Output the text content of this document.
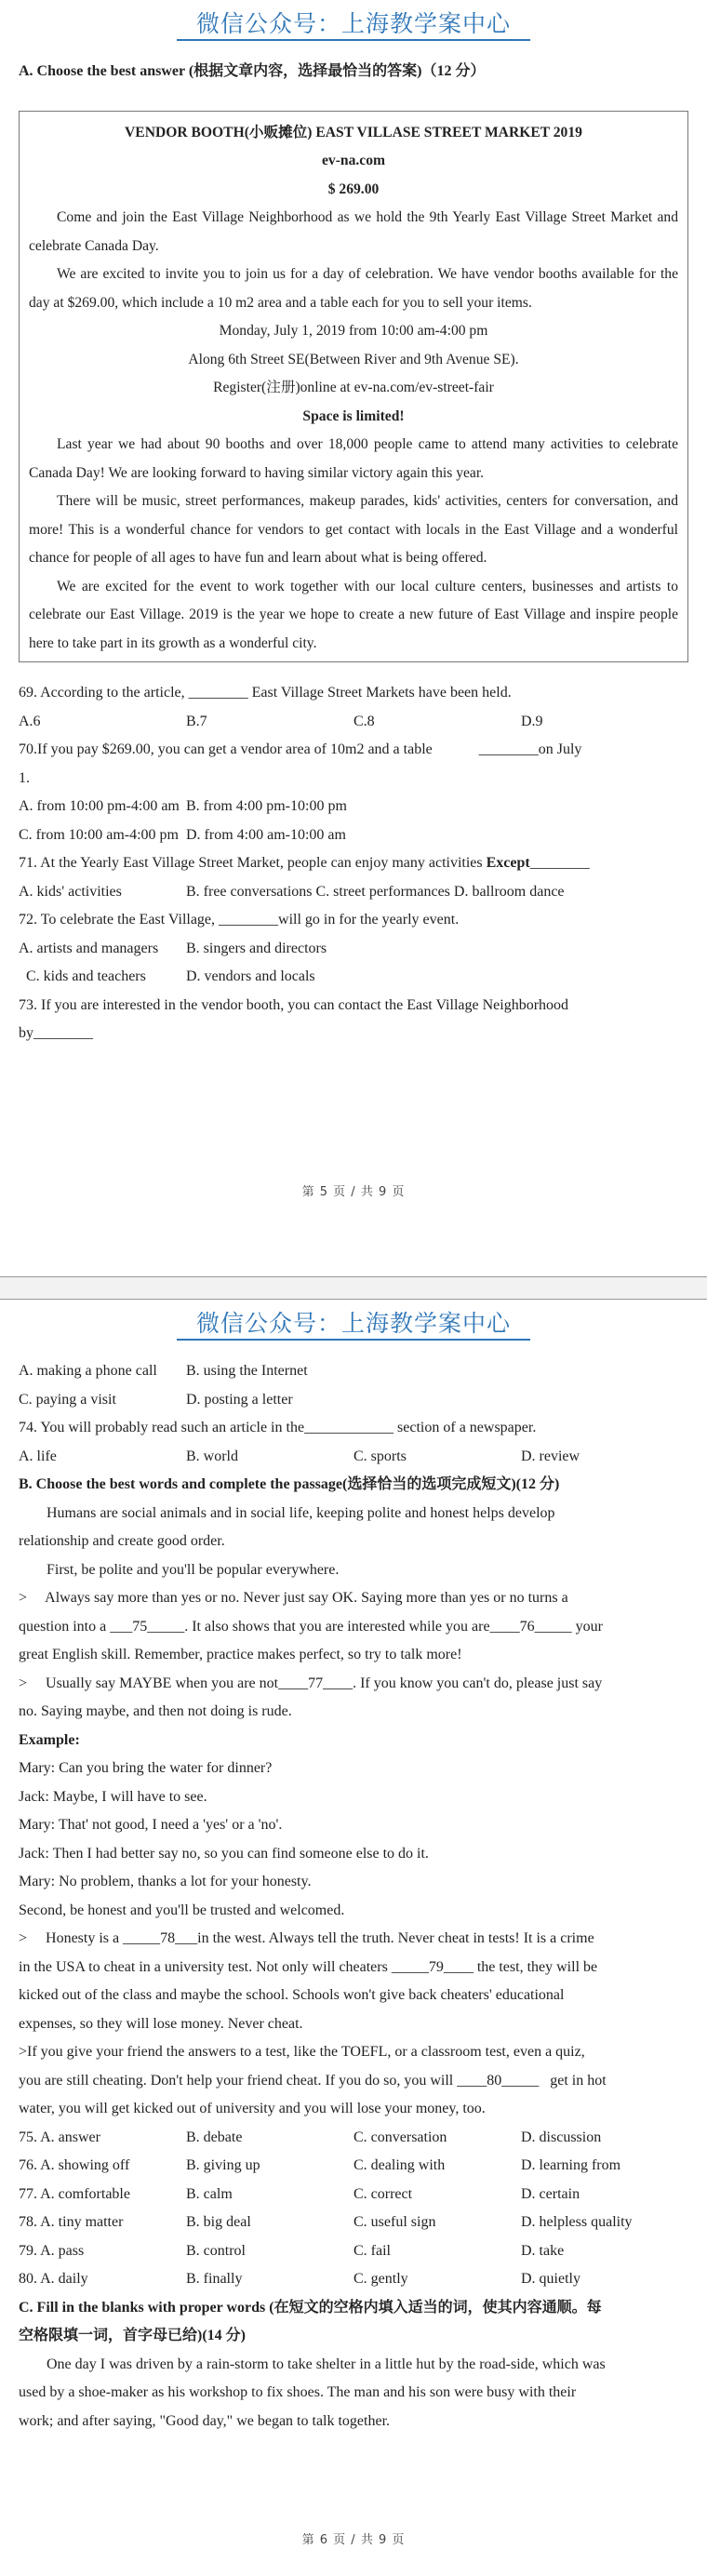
微信公众号：上海教学案中心
A. Choose the best answer (根据文章内容，选择最恰当的答案)（12 分）
VENDOR BOOTH(小贩摊位) EAST VILLASE STREET MARKET 2019
ev-na.com
$ 269.00

Come and join the East Village Neighborhood as we hold the 9th Yearly East Village Street Market and celebrate Canada Day.

We are excited to invite you to join us for a day of celebration. We have vendor booths available for the day at $269.00, which include a 10 m2 area and a table each for you to sell your items.

Monday, July 1, 2019 from 10:00 am-4:00 pm
Along 6th Street SE(Between River and 9th Avenue SE).
Register(注册)online at ev-na.com/ev-street-fair
Space is limited!

Last year we had about 90 booths and over 18,000 people came to attend many activities to celebrate Canada Day! We are looking forward to having similar victory again this year.

There will be music, street performances, makeup parades, kids' activities, centers for conversation, and more! This is a wonderful chance for vendors to get contact with locals in the East Village and a wonderful chance for people of all ages to have fun and learn about what is being offered.

We are excited for the event to work together with our local culture centers, businesses and artists to celebrate our East Village. 2019 is the year we hope to create a new future of East Village and inspire people here to take part in its growth as a wonderful city.

69. According to the article, ________ East Village Street Markets have been held.
A.6	B.7	C.8	D.9
70.If you pay $269.00, you can get a vendor area of 10m2 and a table	________on July
1.
A. from 10:00 pm-4:00 am B. from 4:00 pm-10:00 pm
C. from 10:00 am-4:00 pm D. from 4:00 am-10:00 am
71. At the Yearly East Village Street Market, people can enjoy many activities Except________
A. kids' activities	B. free conversations C. street performances D. ballroom dance
72. To celebrate the East Village, ________will go in for the yearly event.
A. artists and managers	B. singers and directors
C. kids and teachers	D. vendors and locals
73. If you are interested in the vendor booth, you can contact the East Village Neighborhood
by________
第 5 页 / 共 9 页
微信公众号：上海教学案中心
A. making a phone call	B. using the Internet
C. paying a visit	D. posting a letter
74. You will probably read such an article in the____________ section of a newspaper.
A. life	B. world	C. sports	D. review
B. Choose the best words and complete the passage(选择恰当的选项完成短文)(12 分)
Humans are social animals and in social life, keeping polite and honest helps develop
relationship and create good order.
First, be polite and you'll be popular everywhere.
>     Always say more than yes or no. Never just say OK. Saying more than yes or no turns a
question into a ___75_____. It also shows that you are interested while you are____76_____ your
great English skill. Remember, practice makes perfect, so try to talk more!
>     Usually say MAYBE when you are not____77____. If you know you can't do, please just say
no. Saying maybe, and then not doing is rude.
Example:
Mary: Can you bring the water for dinner?
Jack: Maybe, I will have to see.
Mary: That' not good, I need a 'yes' or a 'no'.
Jack: Then I had better say no, so you can find someone else to do it.
Mary: No problem, thanks a lot for your honesty.
Second, be honest and you'll be trusted and welcomed.
>     Honesty is a _____78___in the west. Always tell the truth. Never cheat in tests! It is a crime
in the USA to cheat in a university test. Not only will cheaters _____79____ the test, they will be
kicked out of the class and maybe the school. Schools won't give back cheaters' educational
expenses, so they will lose money. Never cheat.
>If you give your friend the answers to a test, like the TOEFL, or a classroom test, even a quiz,
you are still cheating. Don't help your friend cheat. If you do so, you will ____80_____   get in hot
water, you will get kicked out of university and you will lose your money, too.
75. A. answer	B. debate	C. conversation	D. discussion
76. A. showing off	B. giving up	C. dealing with	D. learning from
77. A. comfortable	B. calm	C. correct	D. certain
78. A. tiny matter	B. big deal	C. useful sign	D. helpless quality
79. A. pass	B. control	C. fail	D. take
80. A. daily	B. finally	C. gently	D. quietly
C. Fill in the blanks with proper words (在短文的空格内填入适当的词，使其内容通顺。每
空格限填一词，首字母已给)(14 分)
One day I was driven by a rain-storm to take shelter in a little hut by the road-side, which was
used by a shoe-maker as his workshop to fix shoes. The man and his son were busy with their
work; and after saying, "Good day," we began to talk together.
第 6 页 / 共 9 页
